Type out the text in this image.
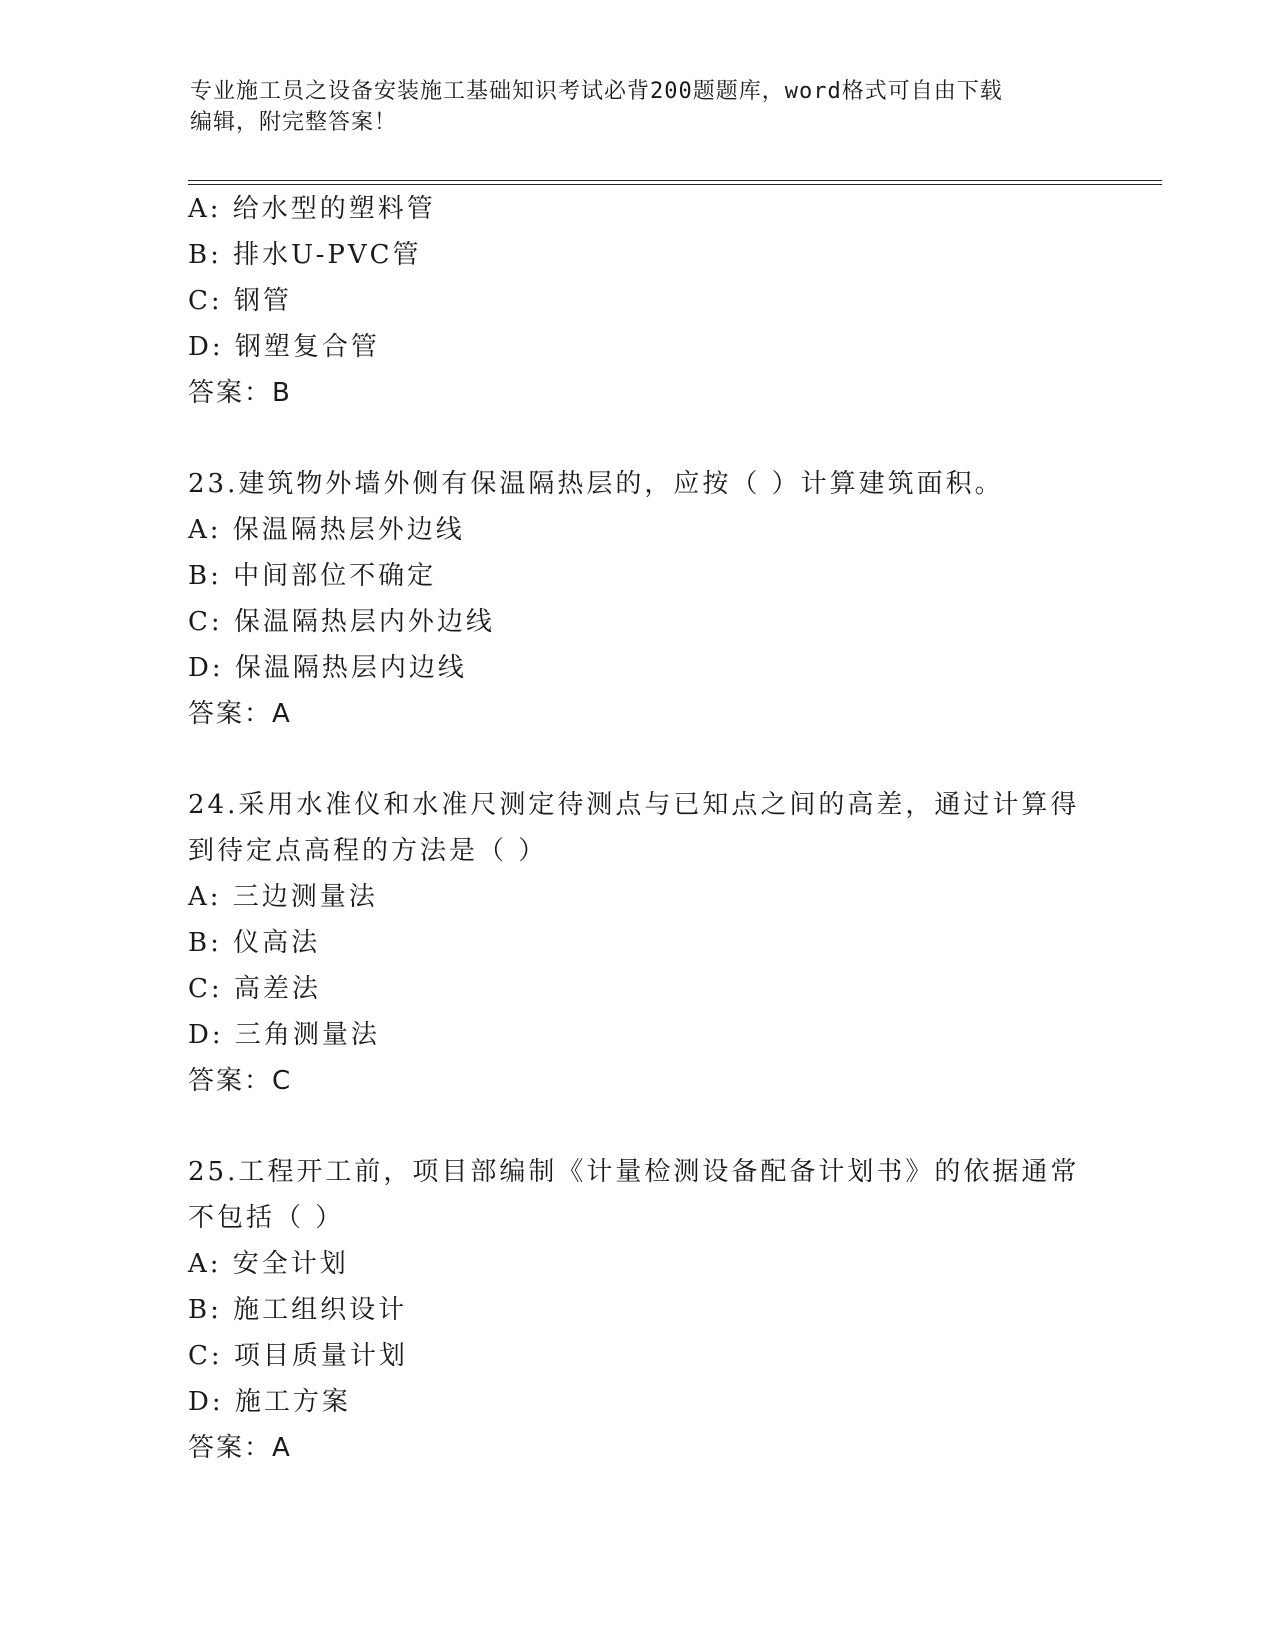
专业施工员之设备安装施工基础知识考试必背200题题库，word格式可自由下载
编辑，附完整答案！
A: 给水型的塑料管
B: 排水U-PVC管
C: 钢管
D: 钢塑复合管
答案：B
23.建筑物外墙外侧有保温隔热层的，应按（ ）计算建筑面积。
A: 保温隔热层外边线
B: 中间部位不确定
C: 保温隔热层内外边线
D: 保温隔热层内边线
答案：A
24.采用水准仪和水准尺测定待测点与已知点之间的高差，通过计算得
到待定点高程的方法是（ ）
A: 三边测量法
B: 仪高法
C: 高差法
D: 三角测量法
答案：C
25.工程开工前，项目部编制《计量检测设备配备计划书》的依据通常
不包括（ ）
A: 安全计划
B: 施工组织设计
C: 项目质量计划
D: 施工方案
答案：A
